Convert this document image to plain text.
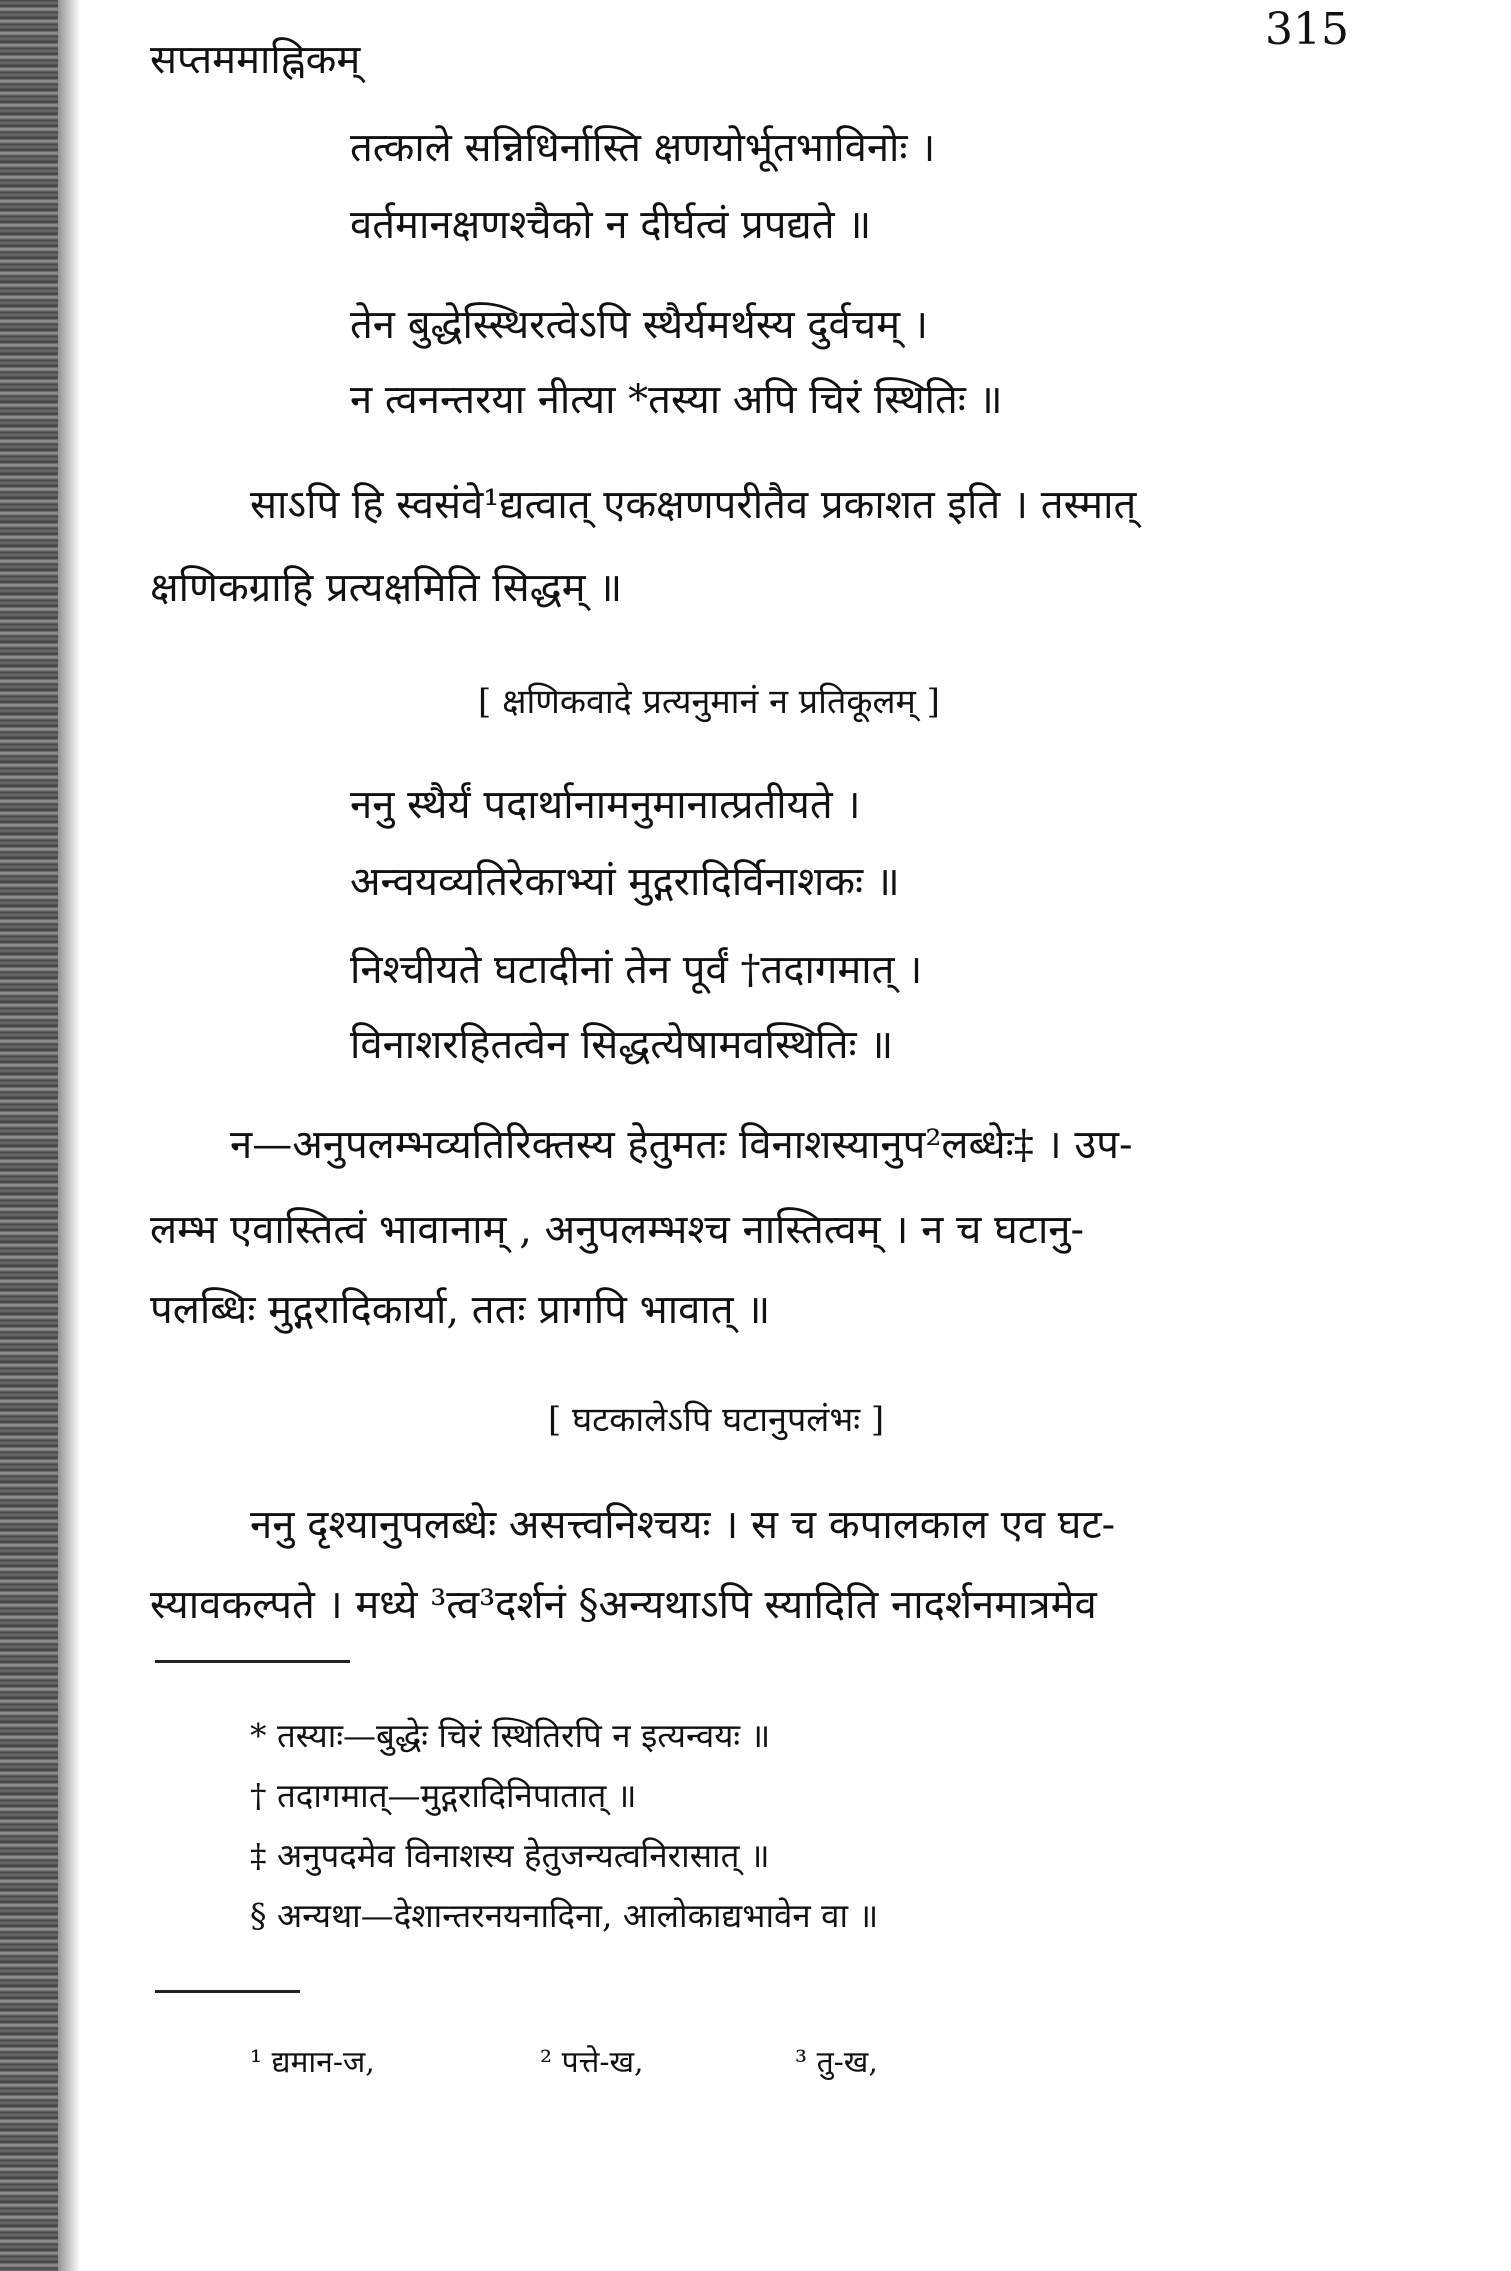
सप्तममाह्निकम्
315
तत्काले सन्निधिर्नास्ति क्षणयोर्भूतभाविनोः ।
वर्तमानक्षणश्चैको न दीर्घत्वं प्रपद्यते ॥
तेन बुद्धेस्स्थिरत्वेऽपि स्थैर्यमर्थस्य दुर्वचम् ।
न त्वनन्तरया नीत्या *तस्या अपि चिरं स्थितिः ॥
साऽपि हि स्वसंवे¹द्यत्वात् एकक्षणपरीतैव प्रकाशत इति । तस्मात्
क्षणिकग्राहि प्रत्यक्षमिति सिद्धम् ॥
[ क्षणिकवादे प्रत्यनुमानं न प्रतिकूलम् ]
ननु स्थैर्यं पदार्थानामनुमानात्प्रतीयते ।
अन्वयव्यतिरेकाभ्यां मुद्गरादिर्विनाशकः ॥
निश्चीयते घटादीनां तेन पूर्वं †तदागमात् ।
विनाशरहितत्वेन सिद्धत्येषामवस्थितिः ॥
न—अनुपलम्भव्यतिरिक्तस्य हेतुमतः विनाशस्यानुप²लब्धेः‡ । उप-
लम्भ एवास्तित्वं भावानाम् , अनुपलम्भश्च नास्तित्वम् । न च घटानु-
पलब्धिः मुद्गरादिकार्या, ततः प्रागपि भावात् ॥
[ घटकालेऽपि घटानुपलंभः ]
ननु दृश्यानुपलब्धेः असत्त्वनिश्चयः । स च कपालकाल एव घट-
स्यावकल्पते । मध्ये ³त्व³दर्शनं §अन्यथाऽपि स्यादिति नादर्शनमात्रमेव
* तस्याः—बुद्धेः चिरं स्थितिरपि न इत्यन्वयः ॥
† तदागमात्—मुद्गरादिनिपातात् ॥
‡ अनुपदमेव विनाशस्य हेतुजन्यत्वनिरासात् ॥
§ अन्यथा—देशान्तरनयनादिना, आलोकाद्यभावेन वा ॥
¹ द्यमान-ज,	² पत्ते-ख,	³ तु-ख,
